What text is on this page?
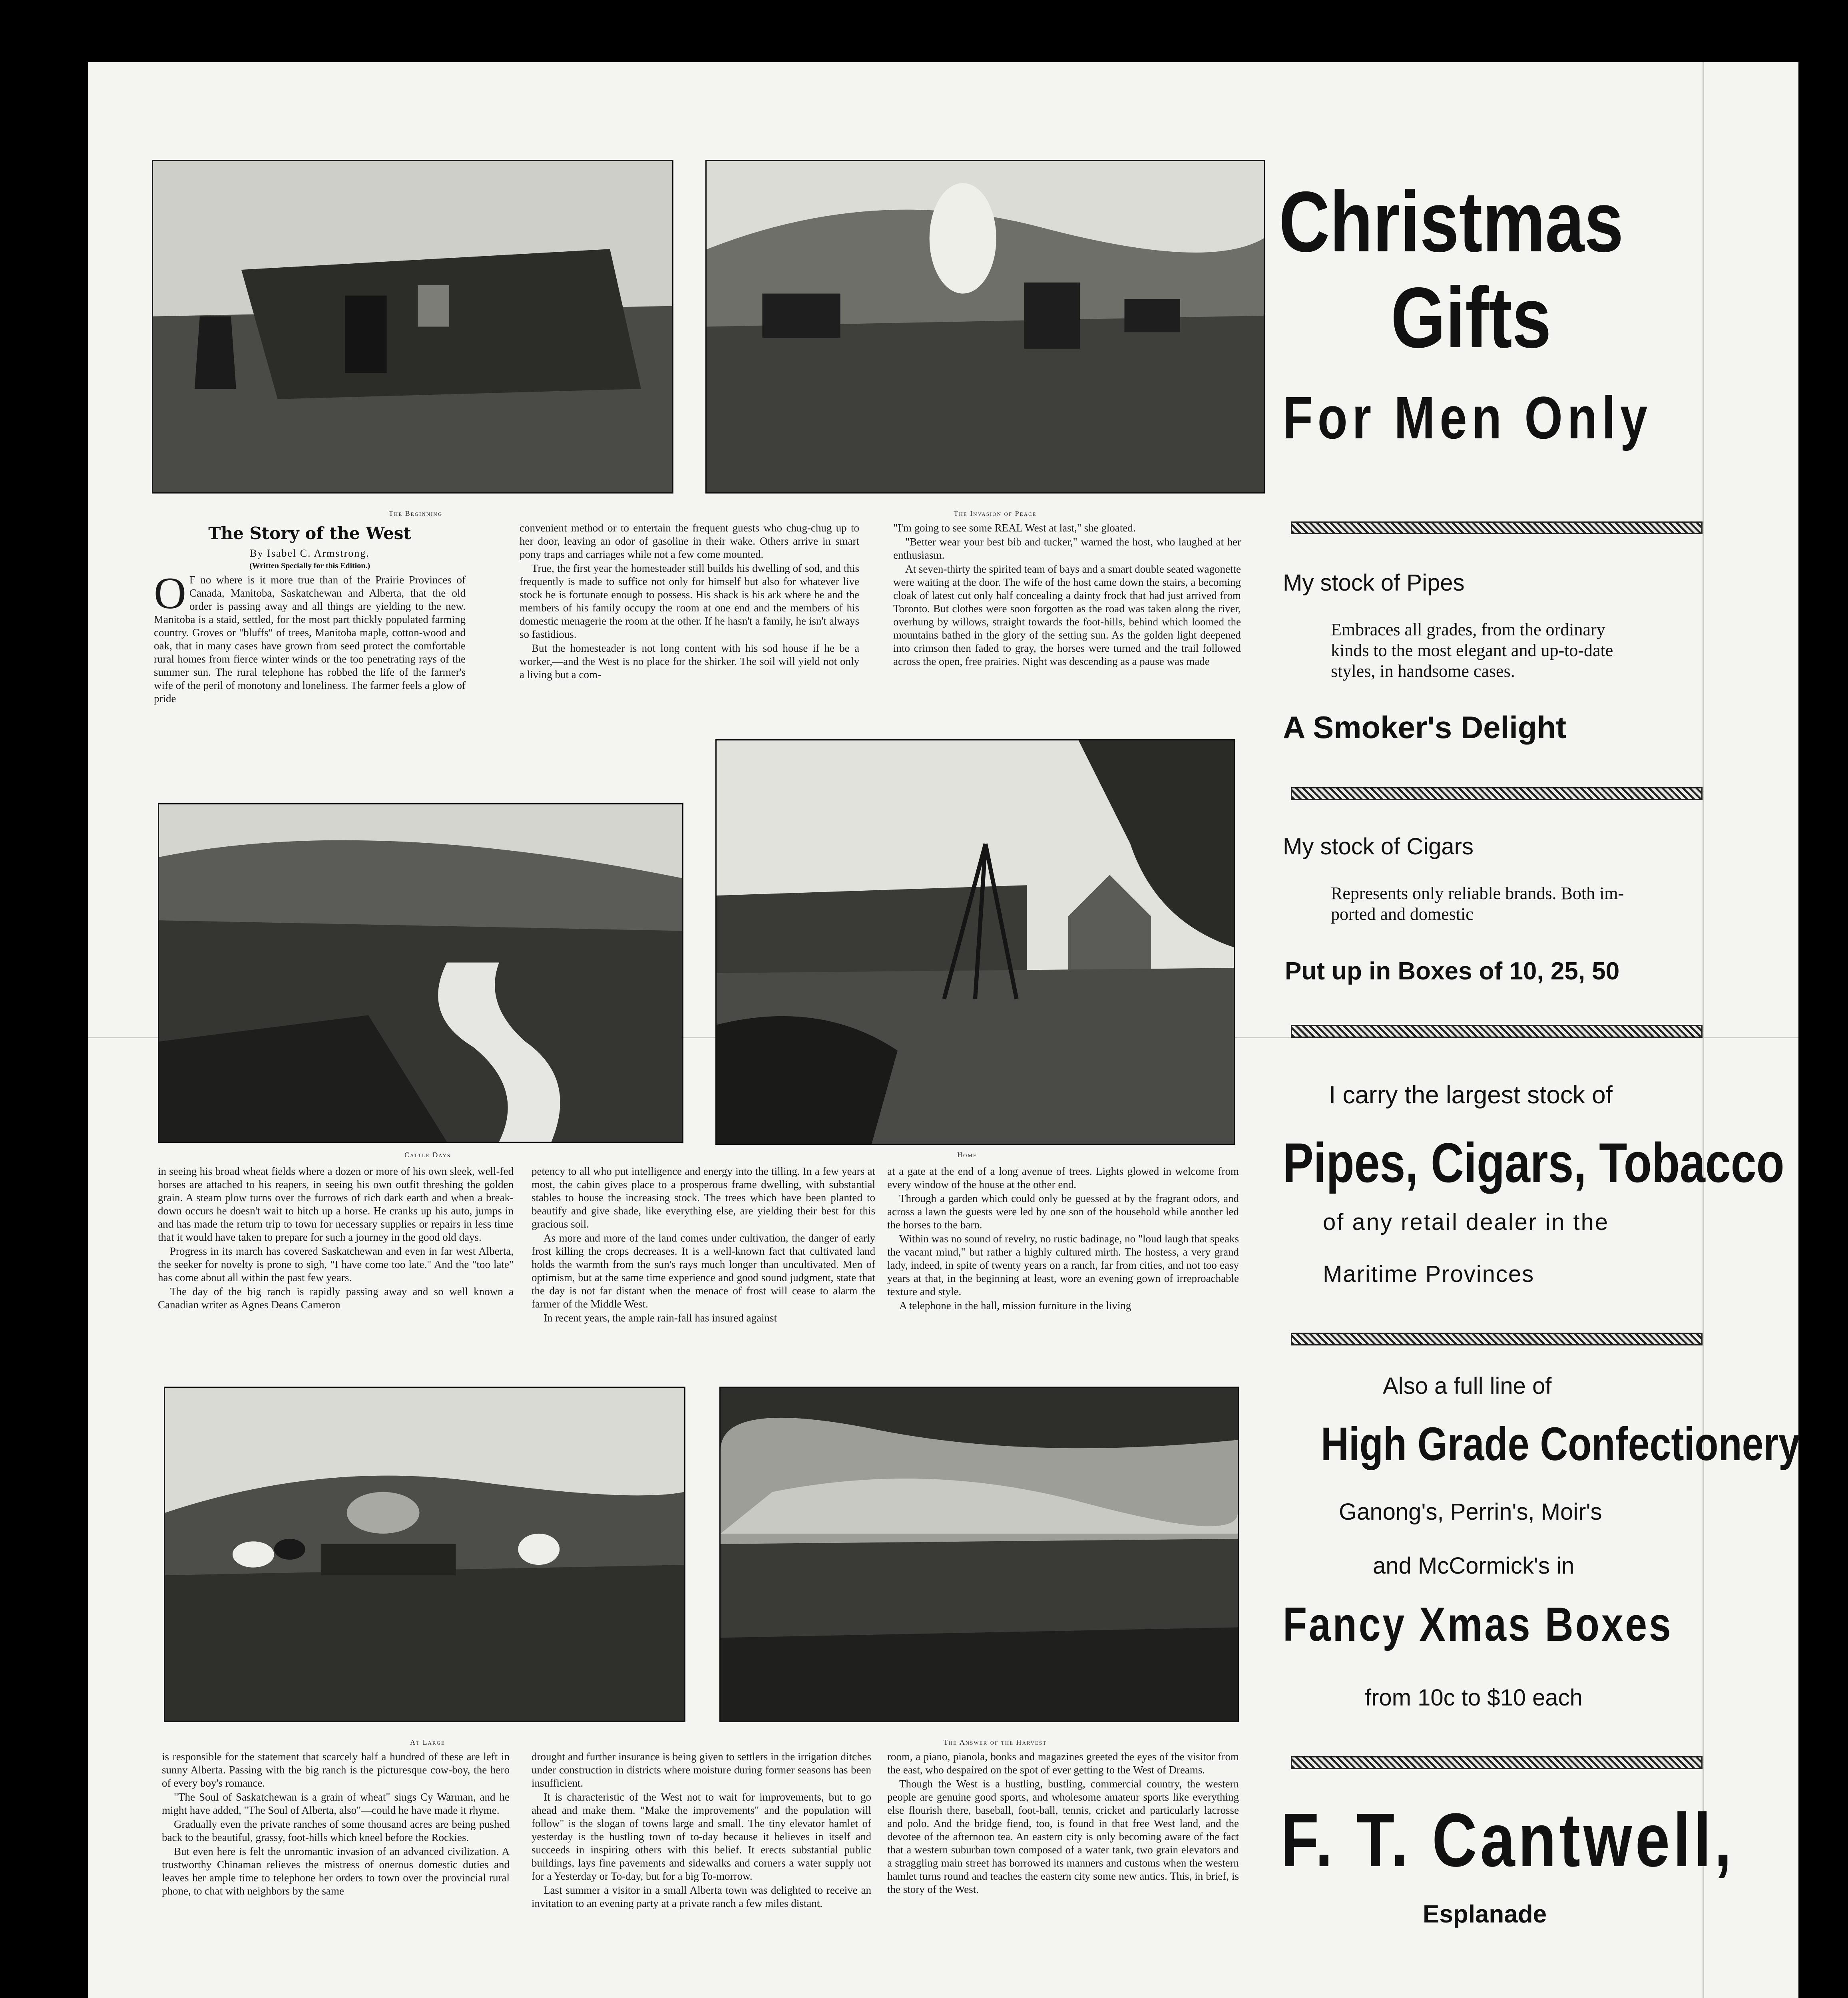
The Beginning	The Invasion of Peace
The Story of the West
By Isabel C. Armstrong.
(Written Specially for this Edition.)

O F no where is it more true than of the Prairie Provinces of Canada, Manitoba, Saskatchewan and Alberta, that the old order is passing away and all things are yielding to the new. Manitoba is a staid, settled, for the most part thickly populated farming country. Groves or "bluffs" of trees, Manitoba maple, cotton-wood and oak, that in many cases have grown from seed protect the comfortable rural homes from fierce winter winds or the too penetrating rays of the summer sun. The rural telephone has robbed the life of the farmer's wife of the peril of monotony and loneliness. The farmer feels a glow of pride

convenient method or to entertain the frequent guests who chug-chug up to her door, leaving an odor of gasoline in their wake. Others arrive in smart pony traps and carriages while not a few come mounted.

True, the first year the homesteader still builds his dwelling of sod, and this frequently is made to suffice not only for himself but also for whatever live stock he is fortunate enough to possess. His shack is his ark where he and the members of his family occupy the room at one end and the members of his domestic menagerie the room at the other. If he hasn't a family, he isn't always so fastidious.

But the homesteader is not long content with his sod house if he be a worker,—and the West is no place for the shirker. The soil will yield not only a living but a com-

"I'm going to see some REAL West at last," she gloated.

"Better wear your best bib and tucker," warned the host, who laughed at her enthusiasm.

At seven-thirty the spirited team of bays and a smart double seated wagonette were waiting at the door. The wife of the host came down the stairs, a becoming cloak of latest cut only half concealing a dainty frock that had just arrived from Toronto. But clothes were soon forgotten as the road was taken along the river, overhung by willows, straight towards the foot-hills, behind which loomed the mountains bathed in the glory of the setting sun. As the golden light deepened into crimson then faded to gray, the horses were turned and the trail followed across the open, free prairies. Night was descending as a pause was made

Cattle Days	Home

in seeing his broad wheat fields where a dozen or more of his own sleek, well-fed horses are attached to his reapers, in seeing his own outfit threshing the golden grain. A steam plow turns over the furrows of rich dark earth and when a break-down occurs he doesn't wait to hitch up a horse. He cranks up his auto, jumps in and has made the return trip to town for necessary supplies or repairs in less time that it would have taken to prepare for such a journey in the good old days.

Progress in its march has covered Saskatchewan and even in far west Alberta, the seeker for novelty is prone to sigh, "I have come too late." And the "too late" has come about all within the past few years.

The day of the big ranch is rapidly passing away and so well known a Canadian writer as Agnes Deans Cameron

petency to all who put intelligence and energy into the tilling. In a few years at most, the cabin gives place to a prosperous frame dwelling, with substantial stables to house the increasing stock. The trees which have been planted to beautify and give shade, like everything else, are yielding their best for this gracious soil.

As more and more of the land comes under cultivation, the danger of early frost killing the crops decreases. It is a well-known fact that cultivated land holds the warmth from the sun's rays much longer than uncultivated. Men of optimism, but at the same time experience and good sound judgment, state that the day is not far distant when the menace of frost will cease to alarm the farmer of the Middle West.

In recent years, the ample rain-fall has insured against

at a gate at the end of a long avenue of trees. Lights glowed in welcome from every window of the house at the other end.

Through a garden which could only be guessed at by the fragrant odors, and across a lawn the guests were led by one son of the household while another led the horses to the barn.

Within was no sound of revelry, no rustic badinage, no "loud laugh that speaks the vacant mind," but rather a highly cultured mirth. The hostess, a very grand lady, indeed, in spite of twenty years on a ranch, far from cities, and not too easy years at that, in the beginning at least, wore an evening gown of irreproachable texture and style.

A telephone in the hall, mission furniture in the living

At Large	The Answer of the Harvest

is responsible for the statement that scarcely half a hundred of these are left in sunny Alberta. Passing with the big ranch is the picturesque cow-boy, the hero of every boy's romance.

"The Soul of Saskatchewan is a grain of wheat" sings Cy Warman, and he might have added, "The Soul of Alberta, also"—could he have made it rhyme.

Gradually even the private ranches of some thousand acres are being pushed back to the beautiful, grassy, foot-hills which kneel before the Rockies.

But even here is felt the unromantic invasion of an advanced civilization. A trustworthy Chinaman relieves the mistress of onerous domestic duties and leaves her ample time to telephone her orders to town over the provincial rural phone, to chat with neighbors by the same

drought and further insurance is being given to settlers in the irrigation ditches under construction in districts where moisture during former seasons has been insufficient.

It is characteristic of the West not to wait for improvements, but to go ahead and make them. "Make the improvements" and the population will follow" is the slogan of towns large and small. The tiny elevator hamlet of yesterday is the hustling town of to-day because it believes in itself and succeeds in inspiring others with this belief. It erects substantial public buildings, lays fine pavements and sidewalks and corners a water supply not for a Yesterday or To-day, but for a big To-morrow.

Last summer a visitor in a small Alberta town was delighted to receive an invitation to an evening party at a private ranch a few miles distant.

room, a piano, pianola, books and magazines greeted the eyes of the visitor from the east, who despaired on the spot of ever getting to the West of Dreams.

Though the West is a hustling, bustling, commercial country, the western people are genuine good sports, and wholesome amateur sports like everything else flourish there, baseball, foot-ball, tennis, cricket and particularly lacrosse and polo. And the bridge fiend, too, is found in that free West land, and the devotee of the afternoon tea. An eastern city is only becoming aware of the fact that a western suburban town composed of a water tank, two grain elevators and a straggling main street has borrowed its manners and customs when the western hamlet turns round and teaches the eastern city some new antics. This, in brief, is the story of the West.

Christmas
Gifts
For Men Only
My stock of Pipes
Embraces all grades, from the ordinary
kinds to the most elegant and up-to-date
styles, in handsome cases.
A Smoker's Delight
My stock of Cigars
Represents only reliable brands. Both im-
ported and domestic
Put up in Boxes of 10, 25, 50
I carry the largest stock of
Pipes, Cigars, Tobacco
of any retail dealer in the
Maritime Provinces
Also a full line of
High Grade Confectionery
Ganong's, Perrin's, Moir's
and McCormick's in
Fancy Xmas Boxes
from 10c to $10 each
F. T. Cantwell,
Esplanade
